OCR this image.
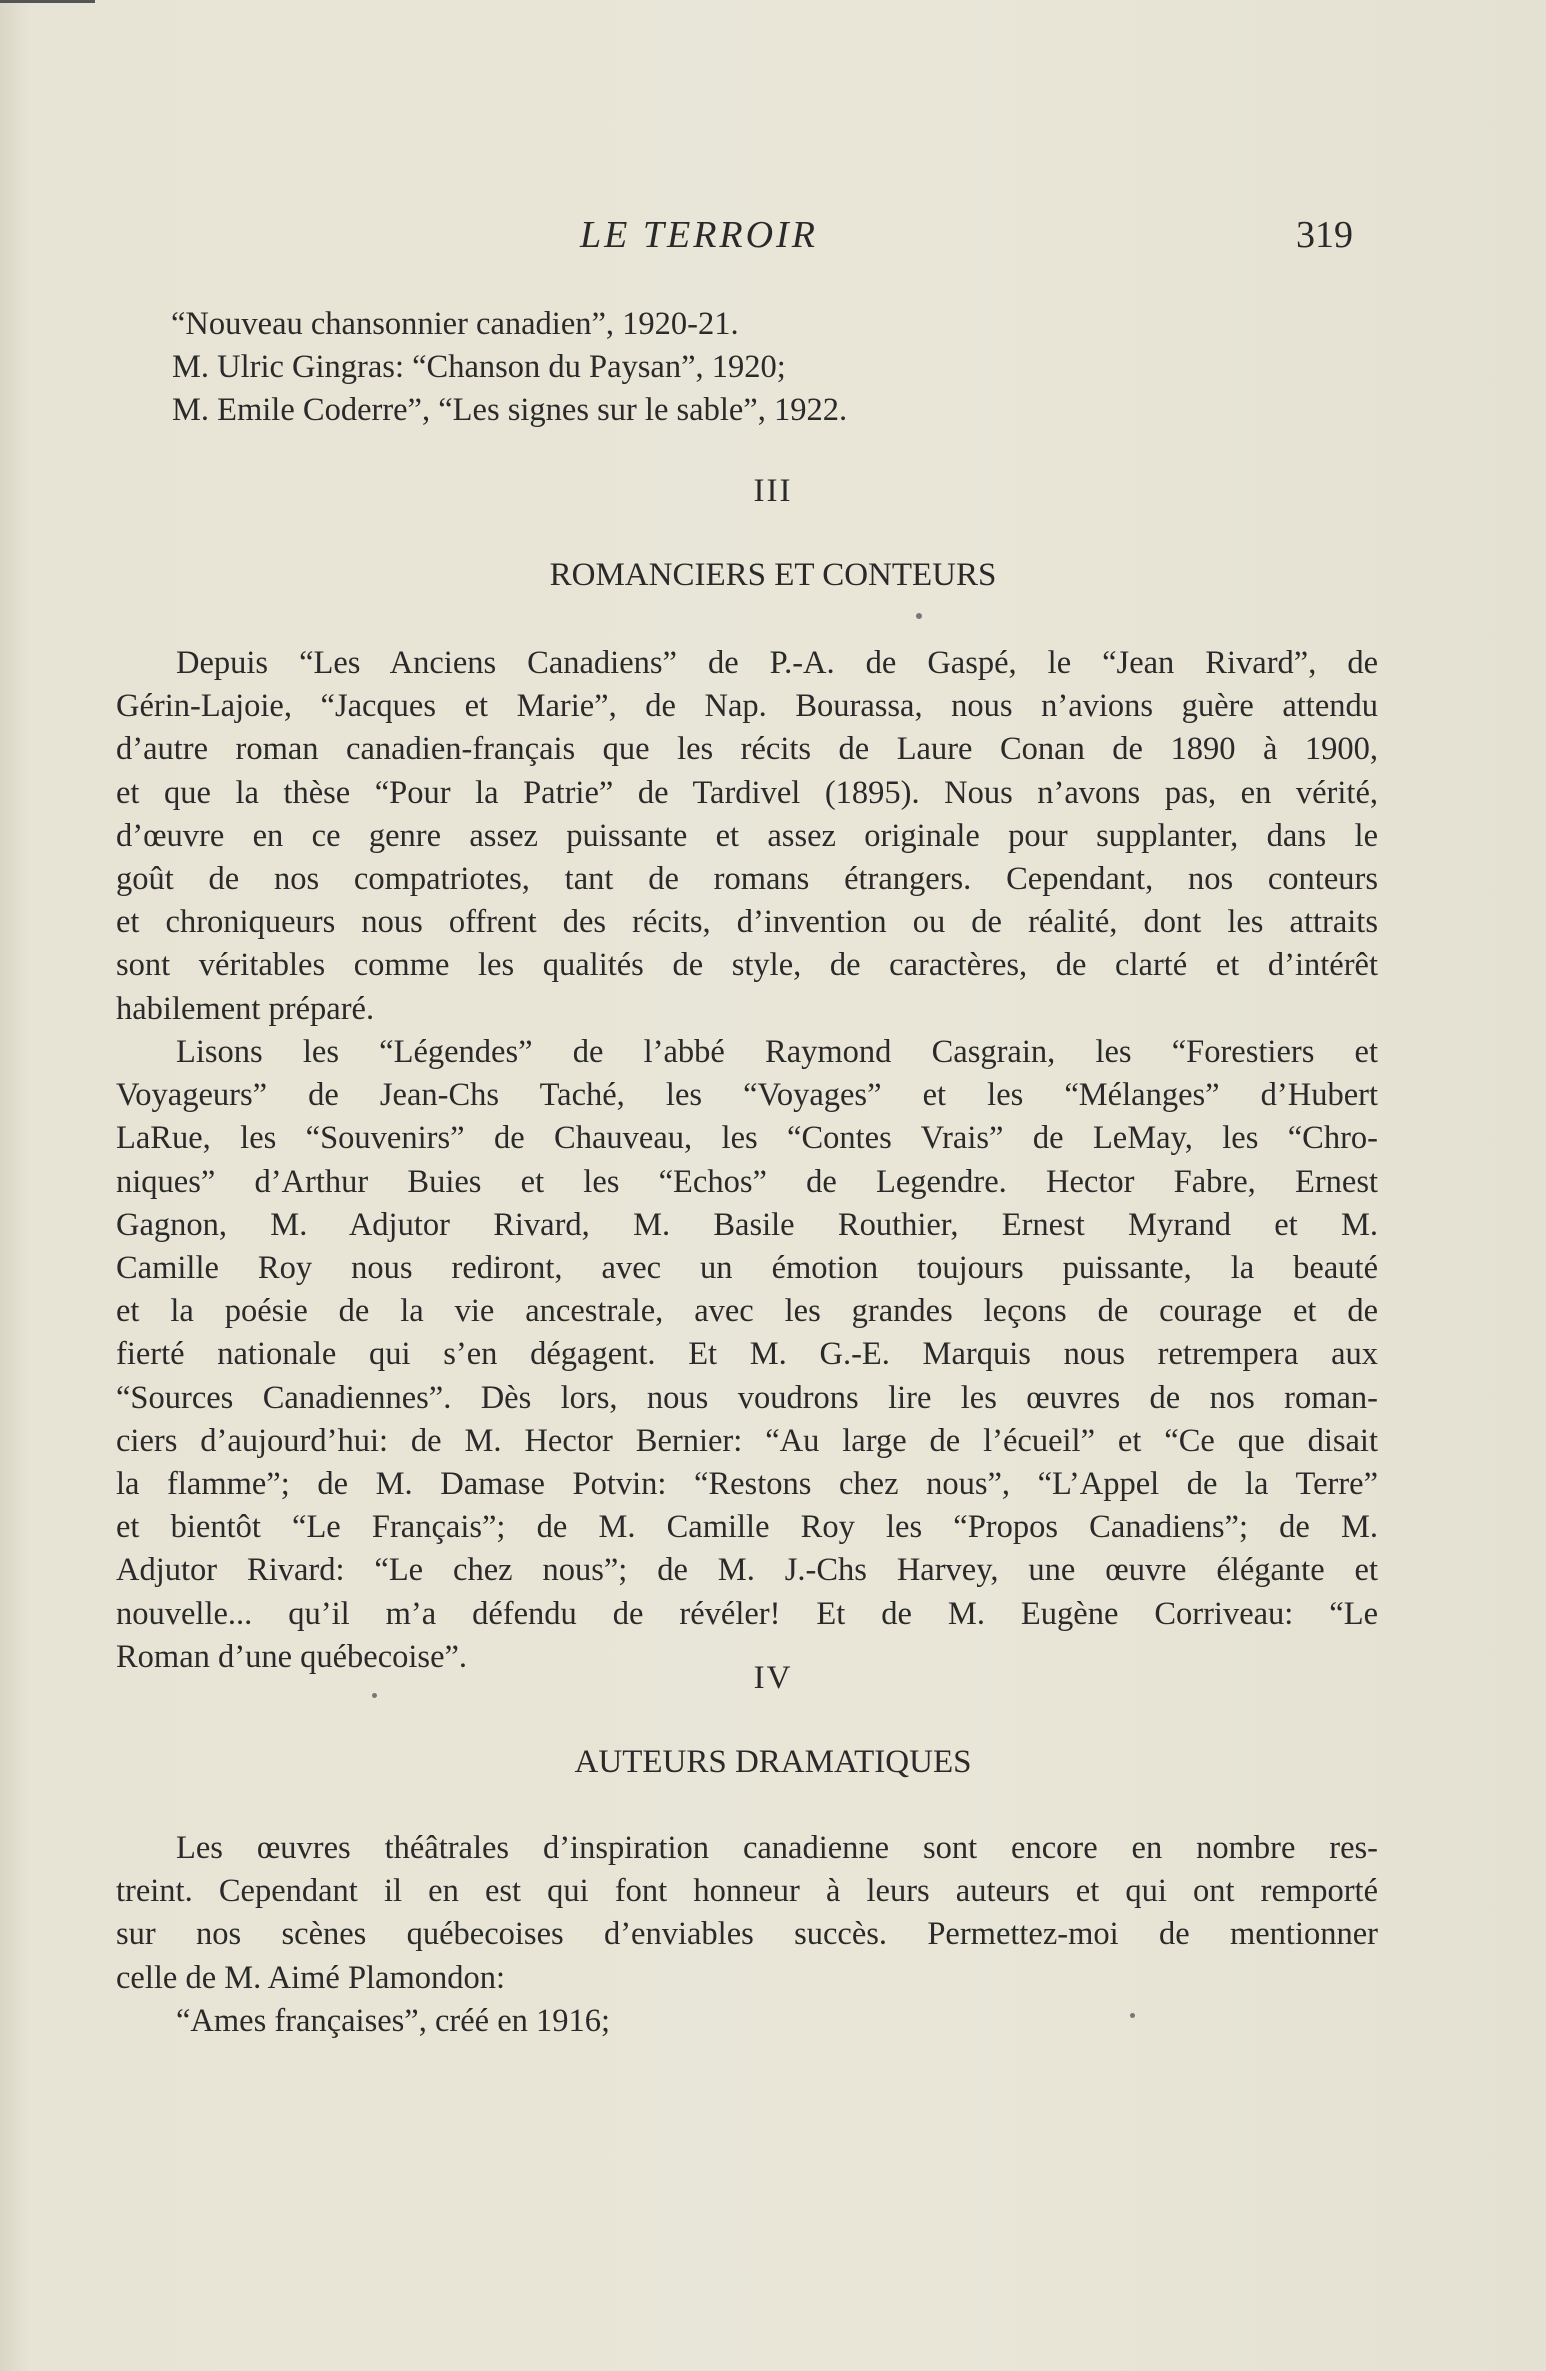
LE TERROIR	319
“Nouveau chansonnier canadien”, 1920-21.
M. Ulric Gingras: “Chanson du Paysan”, 1920;
M. Emile Coderre”, “Les signes sur le sable”, 1922.
III
ROMANCIERS ET CONTEURS
Depuis “Les Anciens Canadiens” de P.-A. de Gaspé, le “Jean Rivard”, de
Gérin-Lajoie, “Jacques et Marie”, de Nap. Bourassa, nous n’avions guère attendu
d’autre roman canadien-français que les récits de Laure Conan de 1890 à 1900,
et que la thèse “Pour la Patrie” de Tardivel (1895). Nous n’avons pas, en vérité,
d’œuvre en ce genre assez puissante et assez originale pour supplanter, dans le
goût de nos compatriotes, tant de romans étrangers. Cependant, nos conteurs
et chroniqueurs nous offrent des récits, d’invention ou de réalité, dont les attraits
sont véritables comme les qualités de style, de caractères, de clarté et d’intérêt
habilement préparé.
Lisons les “Légendes” de l’abbé Raymond Casgrain, les “Forestiers et
Voyageurs” de Jean-Chs Taché, les “Voyages” et les “Mélanges” d’Hubert
LaRue, les “Souvenirs” de Chauveau, les “Contes Vrais” de LeMay, les “Chro-
niques” d’Arthur Buies et les “Echos” de Legendre. Hector Fabre, Ernest
Gagnon, M. Adjutor Rivard, M. Basile Routhier, Ernest Myrand et M.
Camille Roy nous rediront, avec un émotion toujours puissante, la beauté
et la poésie de la vie ancestrale, avec les grandes leçons de courage et de
fierté nationale qui s’en dégagent. Et M. G.-E. Marquis nous retrempera aux
“Sources Canadiennes”. Dès lors, nous voudrons lire les œuvres de nos roman-
ciers d’aujourd’hui: de M. Hector Bernier: “Au large de l’écueil” et “Ce que disait
la flamme”; de M. Damase Potvin: “Restons chez nous”, “L’Appel de la Terre”
et bientôt “Le Français”; de M. Camille Roy les “Propos Canadiens”; de M.
Adjutor Rivard: “Le chez nous”; de M. J.-Chs Harvey, une œuvre élégante et
nouvelle... qu’il m’a défendu de révéler! Et de M. Eugène Corriveau: “Le
Roman d’une québecoise”.
IV
AUTEURS DRAMATIQUES
Les œuvres théâtrales d’inspiration canadienne sont encore en nombre res-
treint. Cependant il en est qui font honneur à leurs auteurs et qui ont remporté
sur nos scènes québecoises d’enviables succès. Permettez-moi de mentionner
celle de M. Aimé Plamondon:
“Ames françaises”, créé en 1916;
